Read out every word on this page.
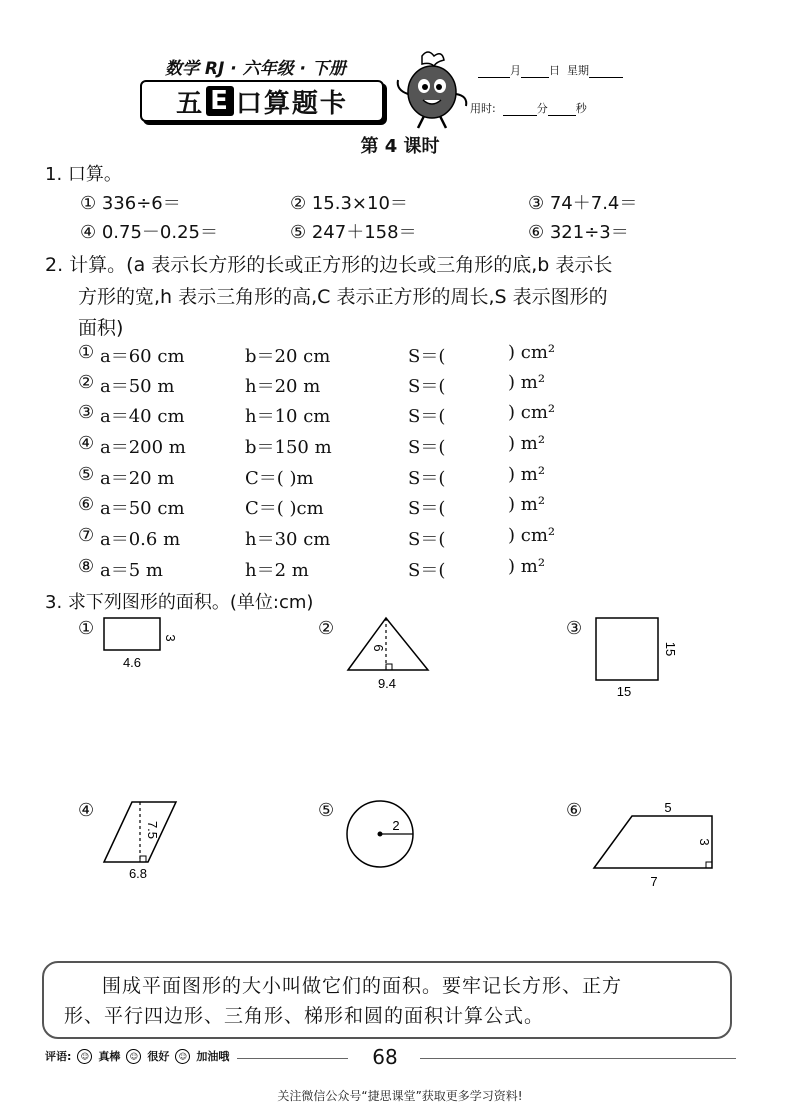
数学 RJ · 六年级 · 下册
五 E 口算题卡
月	日 星期
用时:	分	秒
第 4 课时
1. 口算。
① 336÷6＝	② 15.3×10＝	③ 74＋7.4＝
④ 0.75－0.25＝	⑤ 247＋158＝	⑥ 321÷3＝
2. 计算。(a 表示长方形的长或正方形的边长或三角形的底,b 表示长
方形的宽,h 表示三角形的高,C 表示正方形的周长,S 表示图形的
面积)
① a＝60 cm	b＝20 cm	S＝(	) cm²
② a＝50 m	h＝20 m	S＝(	) m²
③ a＝40 cm	h＝10 cm	S＝(	) cm²
④ a＝200 m	b＝150 m	S＝(	) m²
⑤ a＝20 m	C＝( )m	S＝(	) m²
⑥ a＝50 cm	C＝( )cm	S＝(	) m²
⑦ a＝0.6 m	h＝30 cm	S＝(	) cm²
⑧ a＝5 m	h＝2 m	S＝(	) m²
3. 求下列图形的面积。(单位:cm)
①	3
4.6
②
6
9.4
③
15
15
④
7.5
6.8
⑤
2
⑥	5
3
7
围成平面图形的大小叫做它们的面积。要牢记长方形、正方
形、平行四边形、三角形、梯形和圆的面积计算公式。
评语:	☺ 真棒	☺ 很好	☺ 加油哦	68
关注微信公众号“捷思课堂”获取更多学习资料!
